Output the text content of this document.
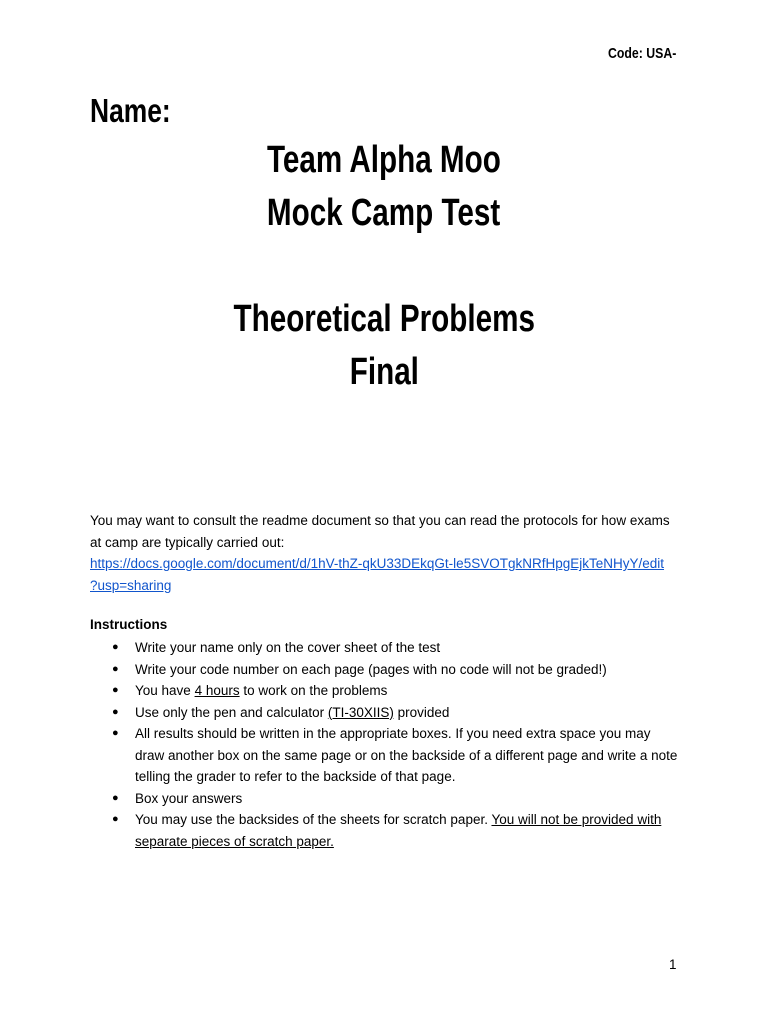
Code: USA-
Name:
Team Alpha Moo
Mock Camp Test
Theoretical Problems
Final
You may want to consult the readme document so that you can read the protocols for how exams at camp are typically carried out:
https://docs.google.com/document/d/1hV-thZ-qkU33DEkqGt-le5SVOTgkNRfHpgEjkTeNHyY/edit
?usp=sharing
Instructions
● Write your name only on the cover sheet of the test
● Write your code number on each page (pages with no code will not be graded!)
● You have 4 hours to work on the problems
● Use only the pen and calculator (TI-30XIIS) provided
● All results should be written in the appropriate boxes. If you need extra space you may draw another box on the same page or on the backside of a different page and write a note telling the grader to refer to the backside of that page.
● Box your answers
● You may use the backsides of the sheets for scratch paper. You will not be provided with separate pieces of scratch paper.
1
